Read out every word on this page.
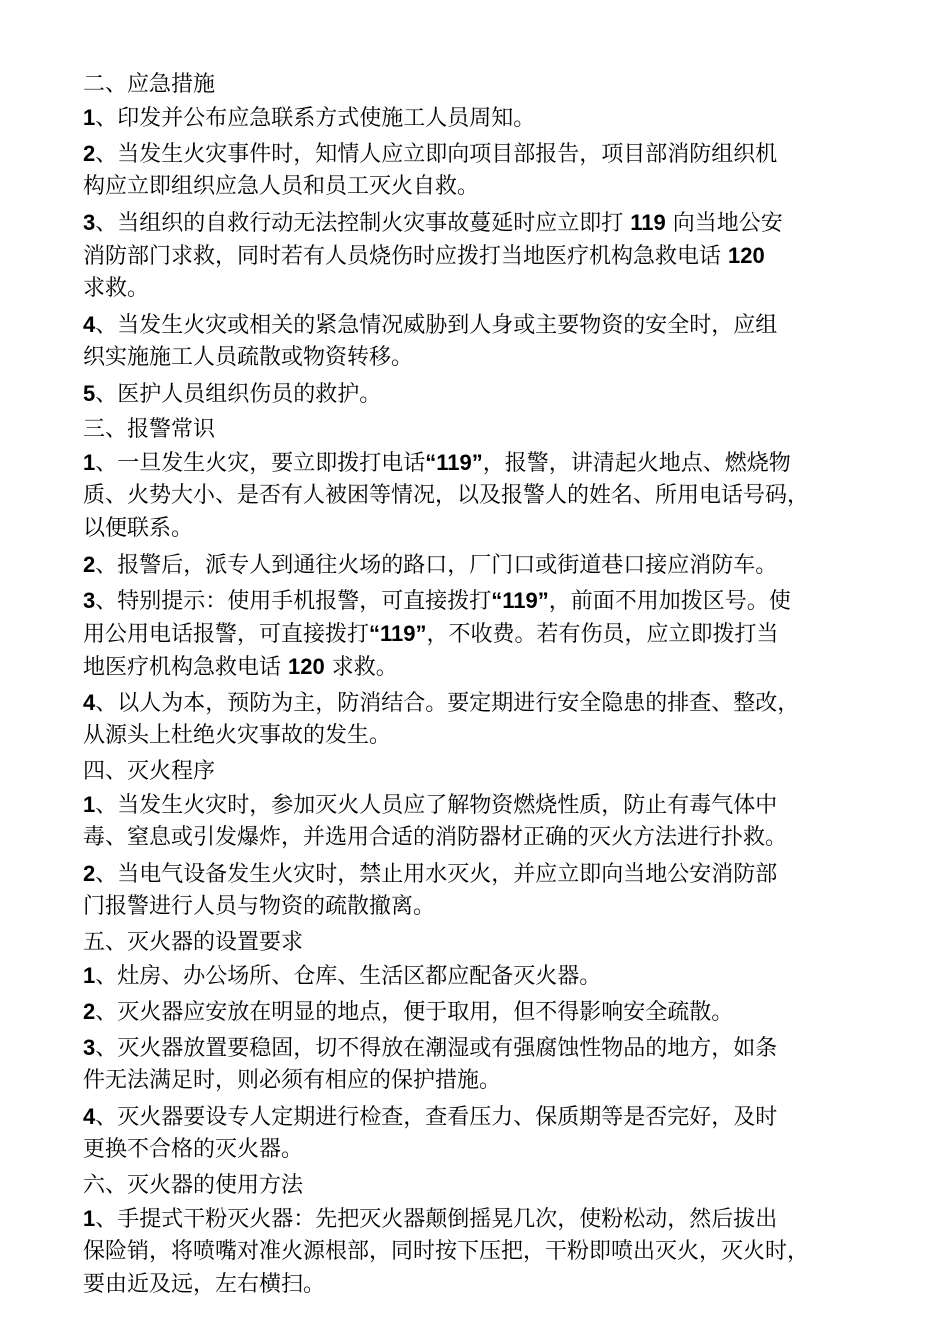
二、应急措施
1、印发并公布应急联系方式使施工人员周知。
2、当发生火灾事件时，知情人应立即向项目部报告，项目部消防组织机
构应立即组织应急人员和员工灭火自救。
3、当组织的自救行动无法控制火灾事故蔓延时应立即打 119 向当地公安
消防部门求救，同时若有人员烧伤时应拨打当地医疗机构急救电话 120
求救。
4、当发生火灾或相关的紧急情况威胁到人身或主要物资的安全时，应组
织实施施工人员疏散或物资转移。
5、医护人员组织伤员的救护。
三、报警常识
1、一旦发生火灾，要立即拨打电话“119”，报警，讲清起火地点、燃烧物
质、火势大小、是否有人被困等情况，以及报警人的姓名、所用电话号码，
以便联系。
2、报警后，派专人到通往火场的路口，厂门口或街道巷口接应消防车。
3、特别提示：使用手机报警，可直接拨打“119”，前面不用加拨区号。使
用公用电话报警，可直接拨打“119”，不收费。若有伤员，应立即拨打当
地医疗机构急救电话 120 求救。
4、以人为本，预防为主，防消结合。要定期进行安全隐患的排查、整改，
从源头上杜绝火灾事故的发生。
四、灭火程序
1、当发生火灾时，参加灭火人员应了解物资燃烧性质，防止有毒气体中
毒、窒息或引发爆炸，并选用合适的消防器材正确的灭火方法进行扑救。
2、当电气设备发生火灾时，禁止用水灭火，并应立即向当地公安消防部
门报警进行人员与物资的疏散撤离。
五、灭火器的设置要求
1、灶房、办公场所、仓库、生活区都应配备灭火器。
2、灭火器应安放在明显的地点，便于取用，但不得影响安全疏散。
3、灭火器放置要稳固，切不得放在潮湿或有强腐蚀性物品的地方，如条
件无法满足时，则必须有相应的保护措施。
4、灭火器要设专人定期进行检查，查看压力、保质期等是否完好，及时
更换不合格的灭火器。
六、灭火器的使用方法
1、手提式干粉灭火器：先把灭火器颠倒摇晃几次，使粉松动，然后拔出
保险销，将喷嘴对准火源根部，同时按下压把，干粉即喷出灭火，灭火时，
要由近及远，左右横扫。
